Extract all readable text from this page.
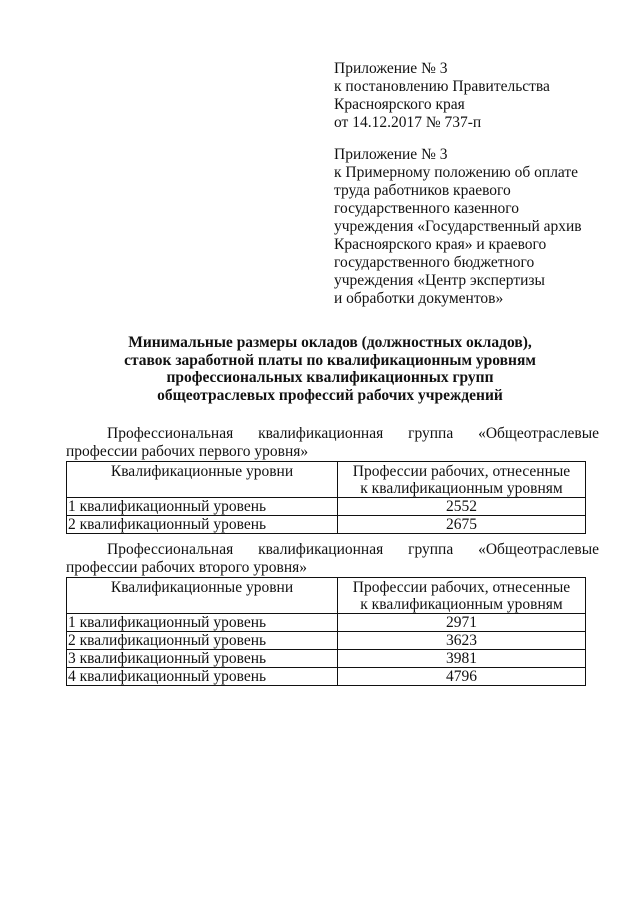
Приложение № 3
к постановлению Правительства
Красноярского края
от 14.12.2017 № 737-п
Приложение № 3
к Примерному положению об оплате
труда работников краевого
государственного казенного
учреждения «Государственный архив
Красноярского края» и краевого
государственного бюджетного
учреждения «Центр экспертизы
и обработки документов»
Минимальные размеры окладов (должностных окладов),
ставок заработной платы по квалификационным уровням
профессиональных квалификационных групп
общеотраслевых профессий рабочих учреждений
Профессиональная квалификационная группа «Общеотраслевые
профессии рабочих первого уровня»
Квалификационные уровни	Профессии рабочих, отнесенные
к квалификационным уровням

1 квалификационный уровень	2552
2 квалификационный уровень	2675
Профессиональная квалификационная группа «Общеотраслевые
профессии рабочих второго уровня»
Квалификационные уровни	Профессии рабочих, отнесенные
к квалификационным уровням

1 квалификационный уровень	2971
2 квалификационный уровень	3623
3 квалификационный уровень	3981
4 квалификационный уровень	4796
